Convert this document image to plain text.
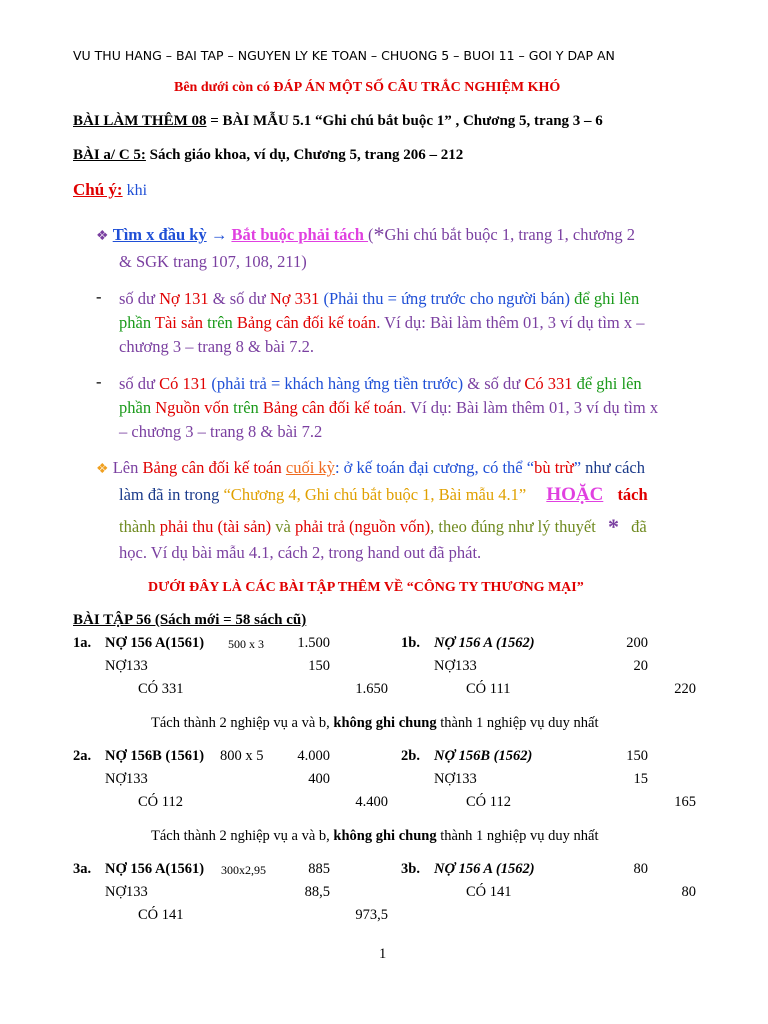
VU THU HANG – BAI TAP – NGUYEN LY KE TOAN – CHUONG 5 – BUOI 11 – GOI Y DAP AN
Bên dưới còn có ĐÁP ÁN MỘT SỐ CÂU TRẮC NGHIỆM KHÓ
BÀI LÀM THÊM 08 = BÀI MẪU 5.1 “Ghi chú bắt buộc 1” , Chương 5, trang 3 – 6
BÀI a/ C 5: Sách giáo khoa, ví dụ, Chương 5, trang 206 – 212
Chú ý: khi
❖ Tìm x đầu kỳ → Bắt buộc phải tách (*Ghi chú bắt buộc 1, trang 1, chương 2
& SGK trang 107, 108, 211)
- số dư Nợ 131 & số dư Nợ 331 (Phải thu = ứng trước cho người bán) để ghi lên
phần Tài sản trên Bảng cân đối kế toán. Ví dụ: Bài làm thêm 01, 3 ví dụ tìm x –
chương 3 – trang 8 & bài 7.2.
- số dư Có 131 (phải trả = khách hàng ứng tiền trước) & số dư Có 331 để ghi lên
phần Nguồn vốn trên Bảng cân đối kế toán. Ví dụ: Bài làm thêm 01, 3 ví dụ tìm x
– chương 3 – trang 8 & bài 7.2
❖ Lên Bảng cân đối kế toán cuối kỳ: ở kế toán đại cương, có thể “bù trừ” như cách
làm đã in trong “Chương 4, Ghi chú bắt buộc 1, Bài mẫu 4.1” HOẶC tách
thành phải thu (tài sản) và phải trả (nguồn vốn), theo đúng như lý thuyết * đã
học. Ví dụ bài mẫu 4.1, cách 2, trong hand out đã phát.
DƯỚI ĐÂY LÀ CÁC BÀI TẬP THÊM VỀ “CÔNG TY THƯƠNG MẠI”
BÀI TẬP 56 (Sách mới = 58 sách cũ)
1a. NỢ 156 A(1561) 500 x 3	1.500
NỢ133	150
CÓ 331	1.650
1b. NỢ 156 A (1562)	200
NỢ133	20
CÓ 111	220
Tách thành 2 nghiệp vụ a và b, không ghi chung thành 1 nghiệp vụ duy nhất
2a. NỢ 156B (1561) 800 x 5	4.000
NỢ133	400
CÓ 112	4.400
2b. NỢ 156B (1562)	150
NỢ133	15
CÓ 112	165
Tách thành 2 nghiệp vụ a và b, không ghi chung thành 1 nghiệp vụ duy nhất
3a. NỢ 156 A(1561) 300x2,95	885
NỢ133	88,5
CÓ 141	973,5
3b. NỢ 156 A (1562)	80
CÓ 141	80
1
